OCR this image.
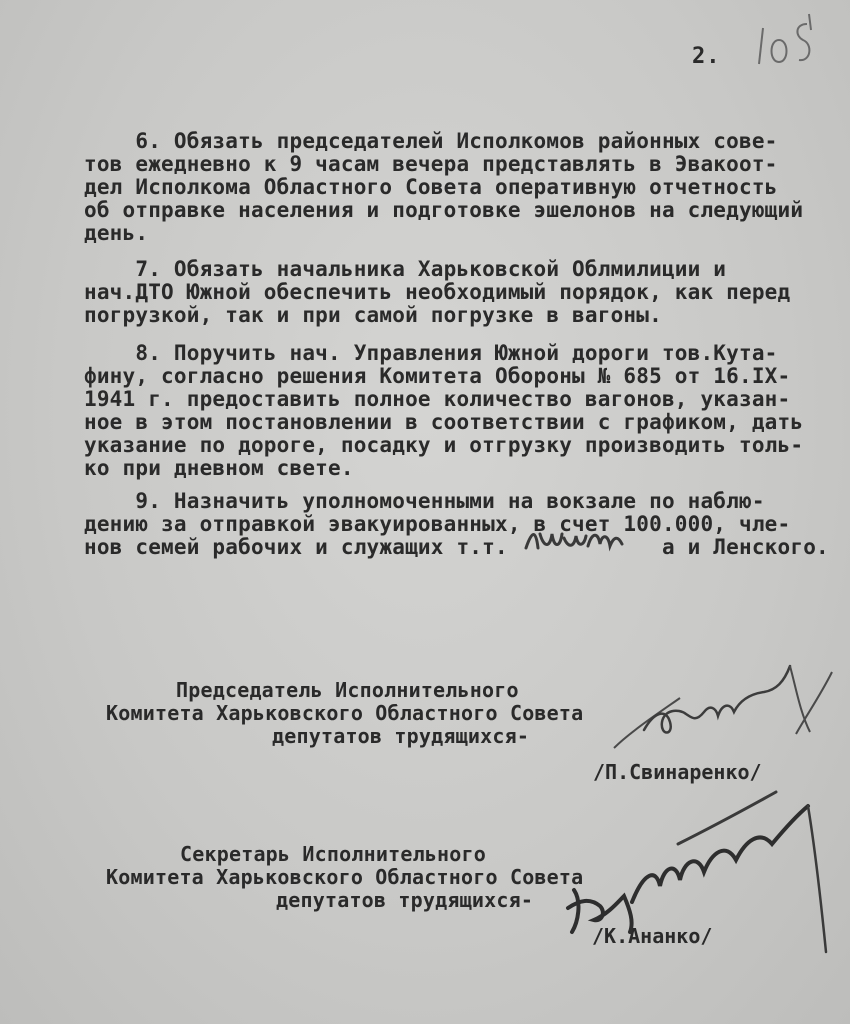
2.
6. Обязать председателей Исполкомов районных сове-
тов ежедневно к 9 часам вечера представлять в Эвакоот-
дел Исполкома Областного Совета оперативную отчетность
об отправке населения и подготовке эшелонов на следующий
день.
7. Обязать начальника Харьковской Облмилиции и
нач.ДТО Южной обеспечить необходимый порядок, как перед
погрузкой, так и при самой погрузке в вагоны.
8. Поручить нач. Управления Южной дороги тов.Кута-
фину, согласно решения Комитета Обороны № 685 от 16.IX-
1941 г. предоставить полное количество вагонов, указан-
ное в этом постановлении в соответствии с графиком, дать
указание по дороге, посадку и отгрузку производить толь-
ко при дневном свете.
9. Назначить уполномоченными на вокзале по наблю-
дению за отправкой эвакуированных, в счет 100.000, чле-
нов семей рабочих и служащих т.т.            а и Ленского.
Председатель Исполнительного
Комитета Харьковского Областного Совета
депутатов трудящихся-
/П.Свинаренко/
Секретарь Исполнительного
Комитета Харьковского Областного Совета
депутатов трудящихся-
/К.Ананко/
